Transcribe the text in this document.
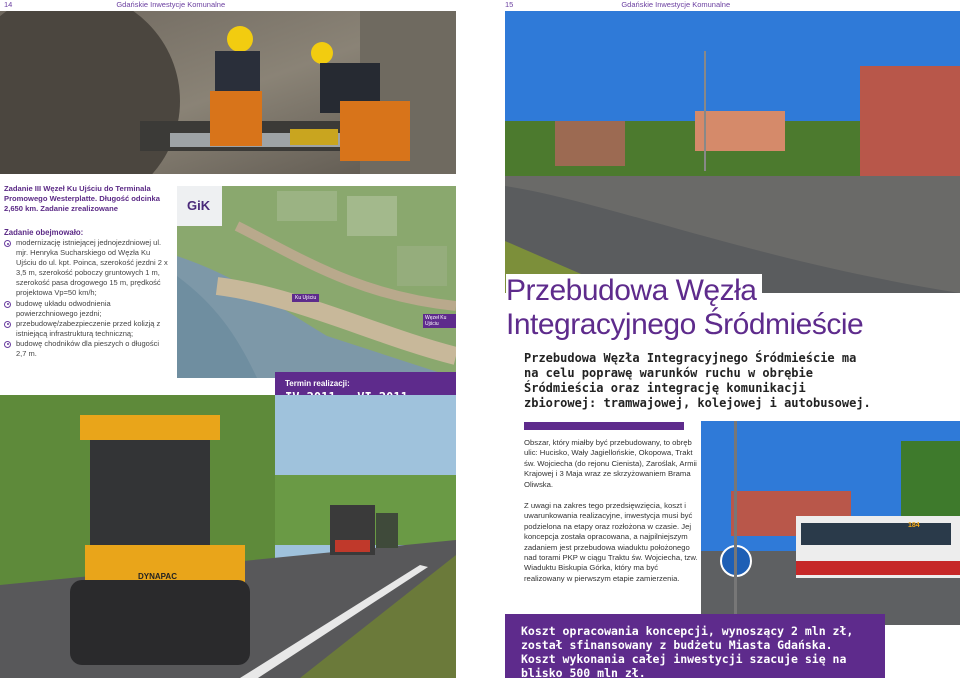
14	Gdańskie Inwestycje Komunalne	15	Gdańskie Inwestycje Komunalne
Zadanie III Węzeł Ku Ujściu do Terminala Promowego Westerplatte. Długość odcinka 2,650 km. Zadanie zrealizowane
Zadanie obejmowało:
modernizację istniejącej jednojezdniowej ul. mjr. Henryka Sucharskiego od Węzła Ku Ujściu do ul. kpt. Poinca, szerokość jezdni 2 x 3,5 m, szerokość poboczy gruntowych 1 m, szerokość pasa drogowego 15 m, prędkość projektowa Vp=50 km/h;
budowę układu odwodnienia powierzchniowego jezdni;
przebudowę/zabezpieczenie przed kolizją z istniejącą infrastrukturą techniczną;
budowę chodników dla pieszych o długości 2,7 m.
GiK
Ku Ujściu
Węzeł Ku Ujściu
Termin realizacji:
DYNAPAC
Przebudowa Węzła

Integracyjnego Śródmieście
Przebudowa Węzła Integracyjnego Śródmieście ma na celu poprawę warunków ruchu w obrębie Śródmieścia oraz integrację komunikacji zbiorowej: tramwajowej, kolejowej i autobusowej.
Obszar, który miałby być przebudowany, to obręb ulic: Hucisko, Wały Jagiellońskie, Okopowa, Trakt św. Wojciecha (do rejonu Cienista), Zaroślak, Armii Krajowej i 3 Maja wraz ze skrzyżowaniem Brama Oliwska.
Z uwagi na zakres tego przedsięwzięcia, koszt i uwarunkowania realizacyjne, inwestycja musi być podzielona na etapy oraz rozłożona w czasie. Jej koncepcja została opracowana, a najpilniejszym zadaniem jest przebudowa wiaduktu położonego nad torami PKP w ciągu Traktu św. Wojciecha, tzw. Wiaduktu Biskupia Górka, który ma być realizowany w pierwszym etapie zamierzenia.
184
Koszt opracowania koncepcji, wynoszący 2 mln zł, został sfinansowany z budżetu Miasta Gdańska. Koszt wykonania całej inwestycji szacuje się na blisko 500 mln zł.
